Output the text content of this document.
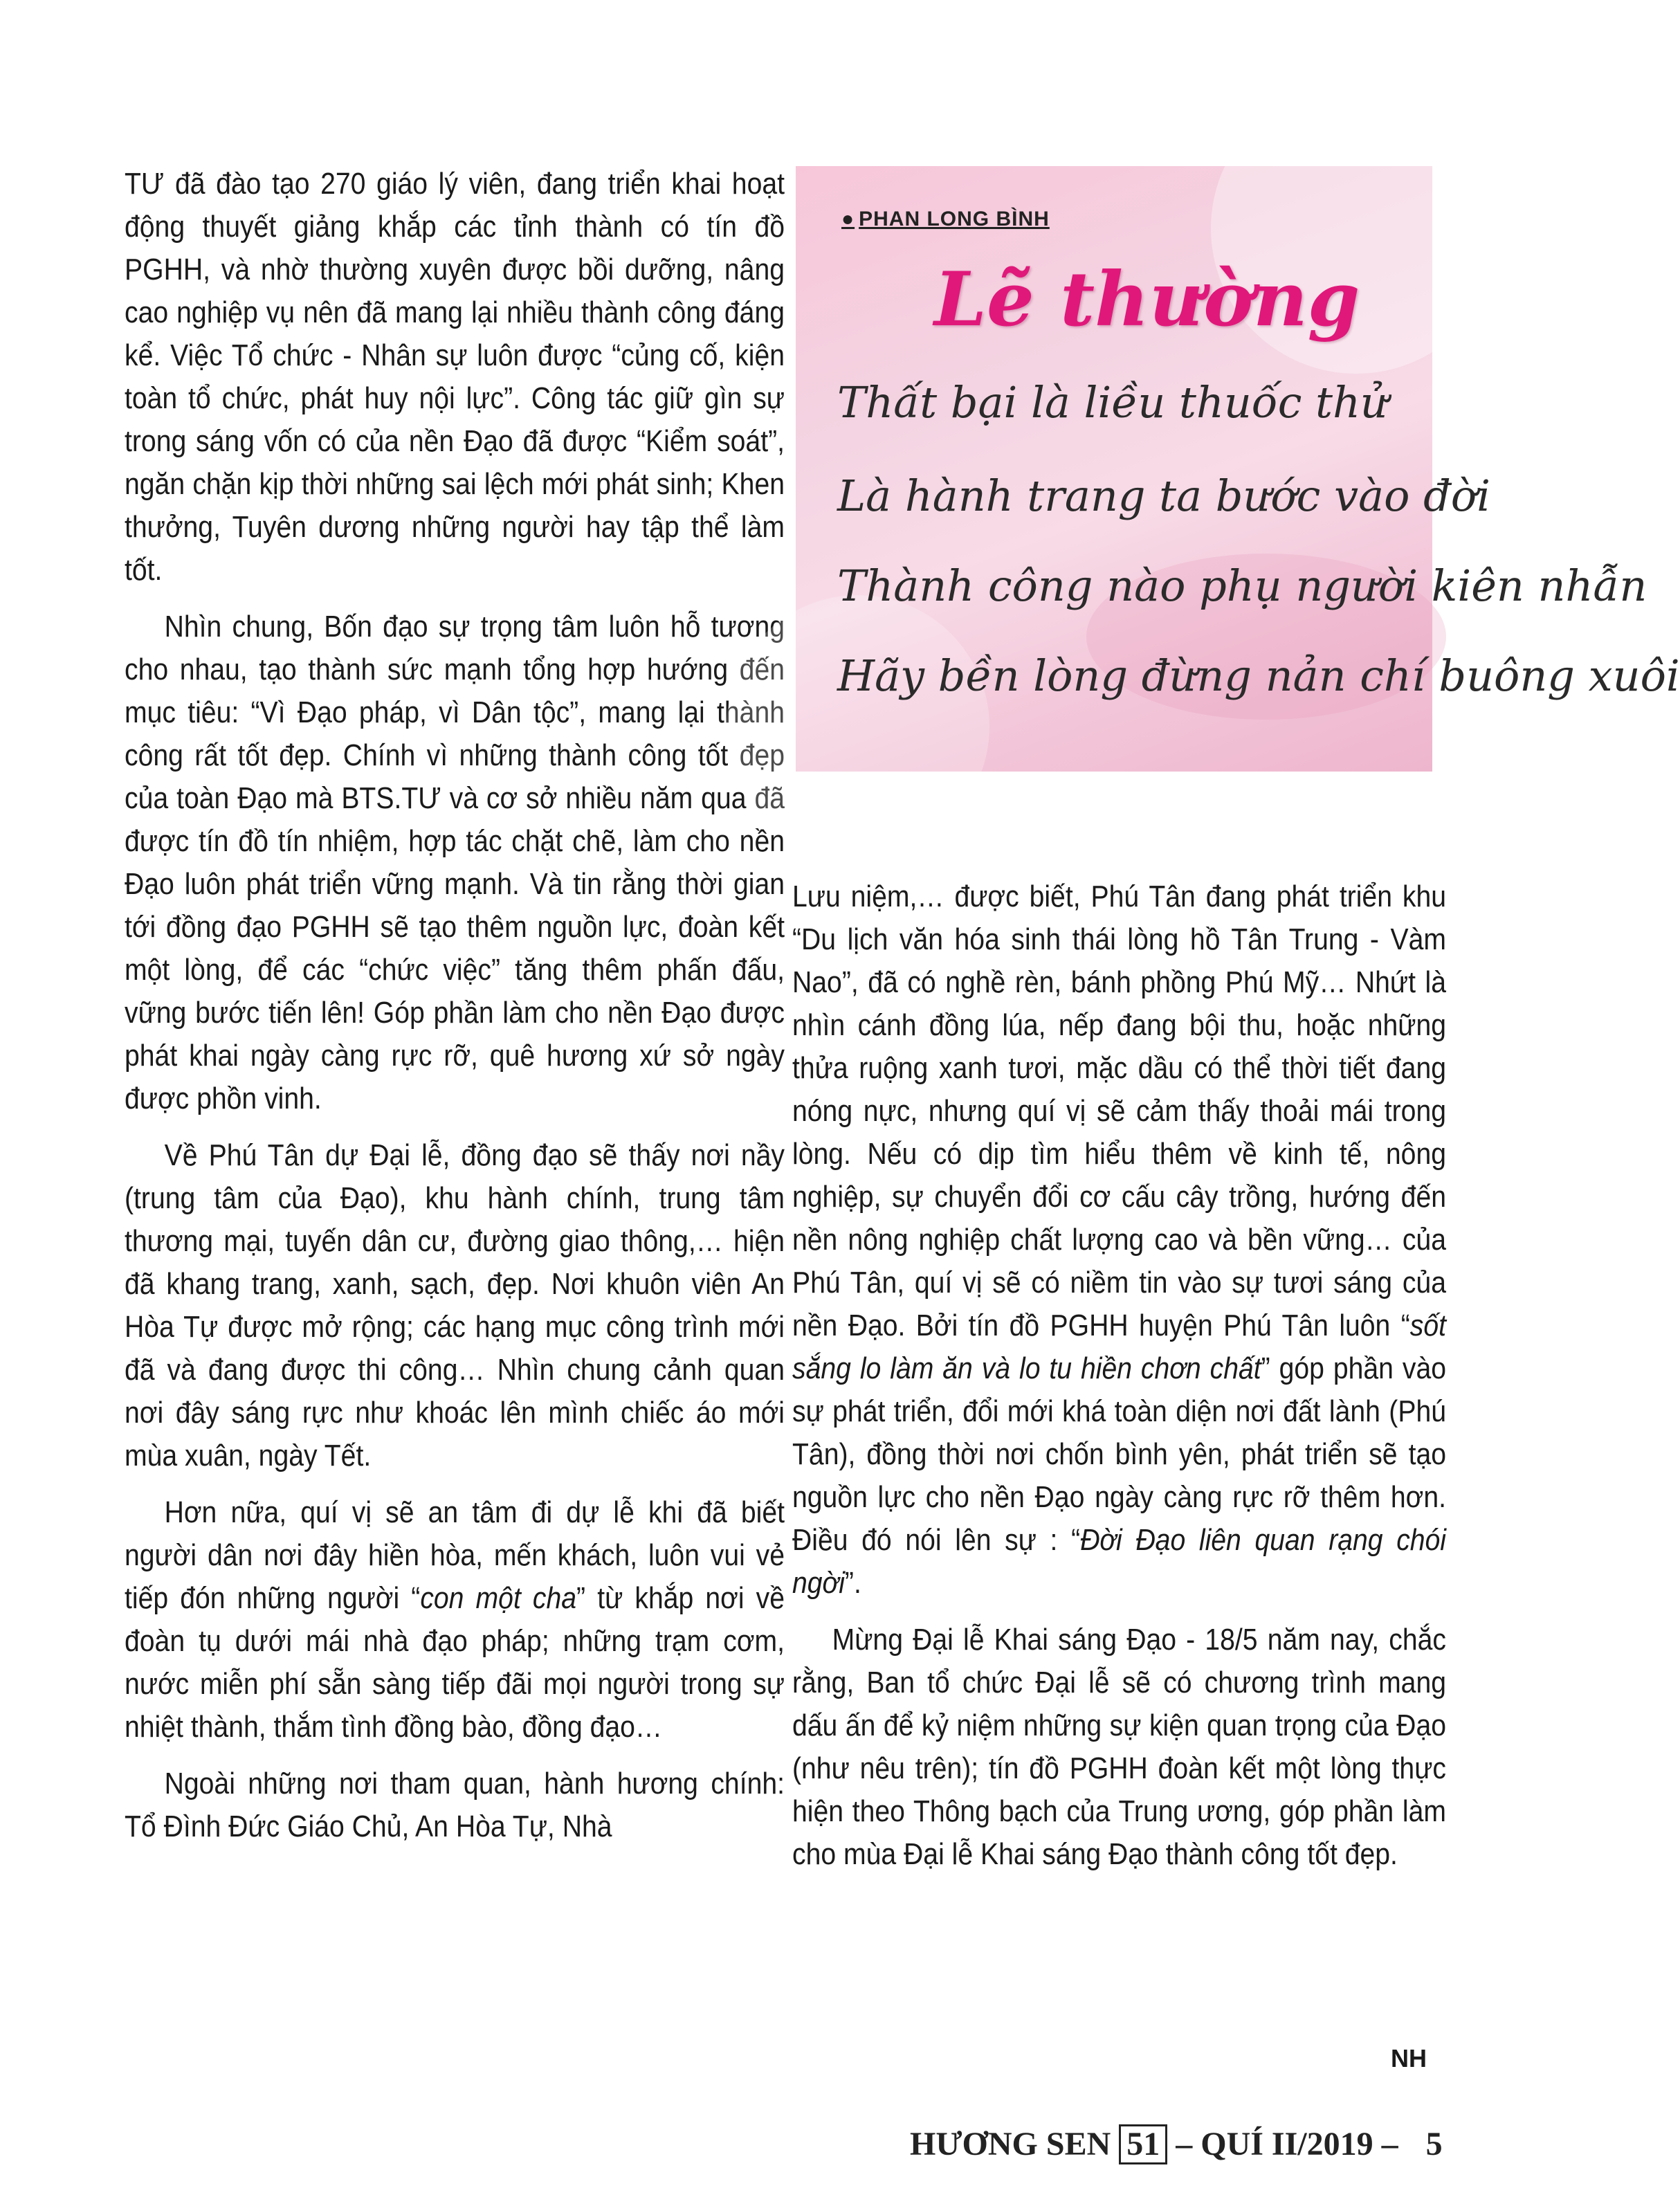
TƯ đã đào tạo 270 giáo lý viên, đang triển khai hoạt động thuyết giảng khắp các tỉnh thành có tín đồ PGHH, và nhờ thường xuyên được bồi dưỡng, nâng cao nghiệp vụ nên đã mang lại nhiều thành công đáng kể. Việc Tổ chức - Nhân sự luôn được “củng cố, kiện toàn tổ chức, phát huy nội lực”. Công tác giữ gìn sự trong sáng vốn có của nền Đạo đã được “Kiểm soát”, ngăn chặn kịp thời những sai lệch mới phát sinh; Khen thưởng, Tuyên dương những người hay tập thể làm tốt.

Nhìn chung, Bốn đạo sự trọng tâm luôn hỗ tương cho nhau, tạo thành sức mạnh tổng hợp hướng đến mục tiêu: “Vì Đạo pháp, vì Dân tộc”, mang lại thành công rất tốt đẹp. Chính vì những thành công tốt đẹp của toàn Đạo mà BTS.TƯ và cơ sở nhiều năm qua đã được tín đồ tín nhiệm, hợp tác chặt chẽ, làm cho nền Đạo luôn phát triển vững mạnh. Và tin rằng thời gian tới đồng đạo PGHH sẽ tạo thêm nguồn lực, đoàn kết một lòng, để các “chức việc” tăng thêm phấn đấu, vững bước tiến lên! Góp phần làm cho nền Đạo được phát khai ngày càng rực rỡ, quê hương xứ sở ngày được phồn vinh.

Về Phú Tân dự Đại lễ, đồng đạo sẽ thấy nơi nầy (trung tâm của Đạo), khu hành chính, trung tâm thương mại, tuyến dân cư, đường giao thông,… hiện đã khang trang, xanh, sạch, đẹp. Nơi khuôn viên An Hòa Tự được mở rộng; các hạng mục công trình mới đã và đang được thi công… Nhìn chung cảnh quan nơi đây sáng rực như khoác lên mình chiếc áo mới mùa xuân, ngày Tết.

Hơn nữa, quí vị sẽ an tâm đi dự lễ khi đã biết người dân nơi đây hiền hòa, mến khách, luôn vui vẻ tiếp đón những người “con một cha” từ khắp nơi về đoàn tụ dưới mái nhà đạo pháp; những trạm cơm, nước miễn phí sẵn sàng tiếp đãi mọi người trong sự nhiệt thành, thắm tình đồng bào, đồng đạo…

Ngoài những nơi tham quan, hành hương chính: Tổ Đình Đức Giáo Chủ, An Hòa Tự, Nhà

● PHAN LONG BÌNH
Lẽ thường
Thất bại là liều thuốc thử
Là hành trang ta bước vào đời
Thành công nào phụ người kiên nhẫn
Hãy bền lòng đừng nản chí buông xuôi

Lưu niệm,… được biết, Phú Tân đang phát triển khu “Du lịch văn hóa sinh thái lòng hồ Tân Trung - Vàm Nao”, đã có nghề rèn, bánh phồng Phú Mỹ… Nhứt là nhìn cánh đồng lúa, nếp đang bội thu, hoặc những thửa ruộng xanh tươi, mặc dầu có thể thời tiết đang nóng nực, nhưng quí vị sẽ cảm thấy thoải mái trong lòng. Nếu có dịp tìm hiểu thêm về kinh tế, nông nghiệp, sự chuyển đổi cơ cấu cây trồng, hướng đến nền nông nghiệp chất lượng cao và bền vững… của Phú Tân, quí vị sẽ có niềm tin vào sự tươi sáng của nền Đạo. Bởi tín đồ PGHH huyện Phú Tân luôn “sốt sắng lo làm ăn và lo tu hiền chơn chất” góp phần vào sự phát triển, đổi mới khá toàn diện nơi đất lành (Phú Tân), đồng thời nơi chốn bình yên, phát triển sẽ tạo nguồn lực cho nền Đạo ngày càng rực rỡ thêm hơn. Điều đó nói lên sự : “Đời Đạo liên quan rạng chói ngời”.

Mừng Đại lễ Khai sáng Đạo - 18/5 năm nay, chắc rằng, Ban tổ chức Đại lễ sẽ có chương trình mang dấu ấn để kỷ niệm những sự kiện quan trọng của Đạo (như nêu trên); tín đồ PGHH đoàn kết một lòng thực hiện theo Thông bạch của Trung ương, góp phần làm cho mùa Đại lễ Khai sáng Đạo thành công tốt đẹp.

NH
HƯƠNG SEN 51 – QUÍ II/2019 – 5
